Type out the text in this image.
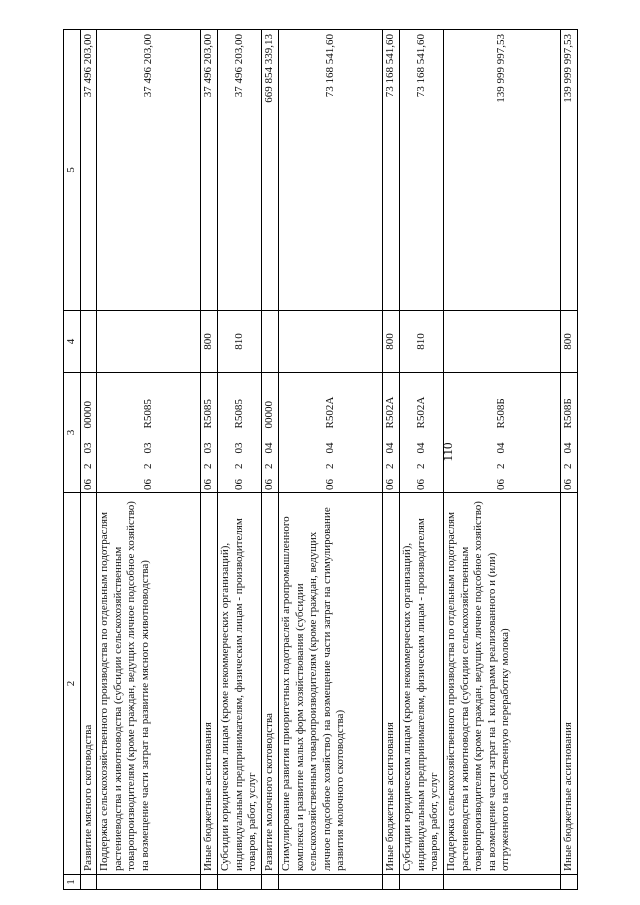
110
1	2	3	4	5
	Развитие мясного скотоводства	0620300000		37 496 203,00
	Поддержка сельскохозяйственного производства по отдельным подотраслям растениеводства и животноводства (субсидии сельскохозяйственным товаропроизводителям (кроме граждан, ведущих личное подсобное хозяйство) на возмещение части затрат на развитие мясного животноводства)	06203R5085		37 496 203,00
	Иные бюджетные ассигнования	06203R5085	800	37 496 203,00
	Субсидии юридическим лицам (кроме некоммерческих организаций), индивидуальным предпринимателям, физическим лицам - производителям товаров, работ, услуг	06203R5085	810	37 496 203,00
	Развитие молочного скотоводства	0620400000		669 854 339,13
	Стимулирование развития приоритетных подотраслей агропромышленного комплекса и развитие малых форм хозяйствования (субсидии сельскохозяйственным товаропроизводителям (кроме граждан, ведущих личное подсобное хозяйство) на возмещение части затрат на стимулирование развития молочного скотоводства)	06204R502A		73 168 541,60
	Иные бюджетные ассигнования	06204R502A	800	73 168 541,60
	Субсидии юридическим лицам (кроме некоммерческих организаций), индивидуальным предпринимателям, физическим лицам - производителям товаров, работ, услуг	06204R502A	810	73 168 541,60
	Поддержка сельскохозяйственного производства по отдельным подотраслям растениеводства и животноводства (субсидии сельскохозяйственным товаропроизводителям (кроме граждан, ведущих личное подсобное хозяйство) на возмещение части затрат на 1 килограмм реализованного и (или) отгруженного на собственную переработку молока)	06204R508Б		139 999 997,53
	Иные бюджетные ассигнования	06204R508Б	800	139 999 997,53
